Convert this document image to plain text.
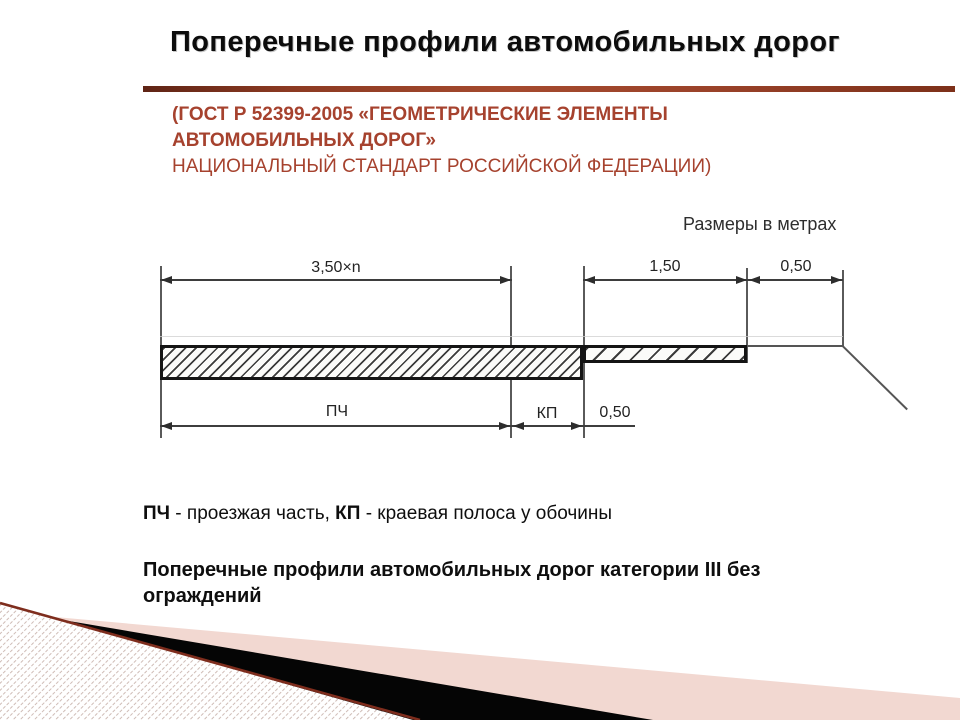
Поперечные профили автомобильных дорог
(ГОСТ Р 52399-2005 «ГЕОМЕТРИЧЕСКИЕ ЭЛЕМЕНТЫ
АВТОМОБИЛЬНЫХ ДОРОГ»
НАЦИОНАЛЬНЫЙ СТАНДАРТ РОССИЙСКОЙ ФЕДЕРАЦИИ)
Размеры в метрах
3,50×n	1,50	0,50
ПЧ	КП	0,50

ПЧ - проезжая часть, КП - краевая полоса у обочины

Поперечные профили автомобильных дорог категории III без
ограждений
